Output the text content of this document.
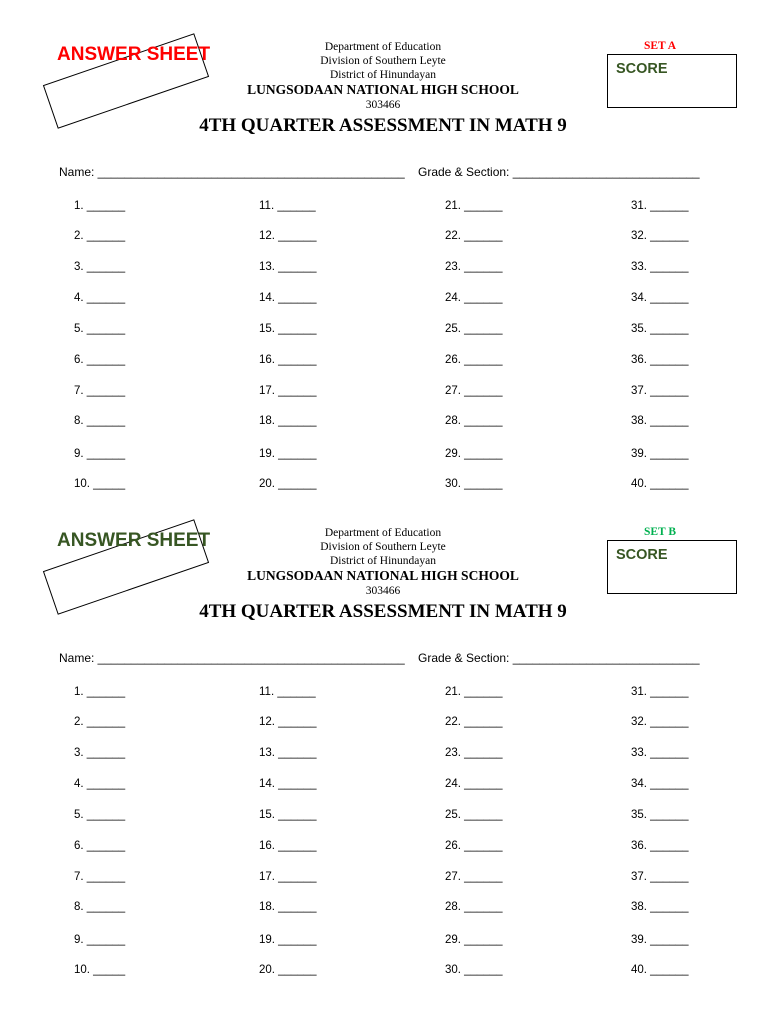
ANSWER SHEET	Department of Education
Division of Southern Leyte
District of Hinundayan
LUNGSODAAN NATIONAL HIGH SCHOOL
303466
4TH QUARTER ASSESSMENT IN MATH 9
SET A
SCORE
Name: ______________________________________________ Grade & Section: ____________________________
1. ______
2. ______
3. ______
4. ______
5. ______
6. ______
7. ______
8. ______
9. ______
10. _____
11. ______
12. ______
13. ______
14. ______
15. ______
16. ______
17. ______
18. ______
19. ______
20. ______
21. ______
22. ______
23. ______
24. ______
25. ______
26. ______
27. ______
28. ______
29. ______
30. ______
31. ______
32. ______
33. ______
34. ______
35. ______
36. ______
37. ______
38. ______
39. ______
40. ______
ANSWER SHEET	Department of Education
Division of Southern Leyte
District of Hinundayan
LUNGSODAAN NATIONAL HIGH SCHOOL
303466
4TH QUARTER ASSESSMENT IN MATH 9
SET B
SCORE
Name: ______________________________________________ Grade & Section: ____________________________
1. ______
2. ______
3. ______
4. ______
5. ______
6. ______
7. ______
8. ______
9. ______
10. _____
11. ______
12. ______
13. ______
14. ______
15. ______
16. ______
17. ______
18. ______
19. ______
20. ______
21. ______
22. ______
23. ______
24. ______
25. ______
26. ______
27. ______
28. ______
29. ______
30. ______
31. ______
32. ______
33. ______
34. ______
35. ______
36. ______
37. ______
38. ______
39. ______
40. ______
